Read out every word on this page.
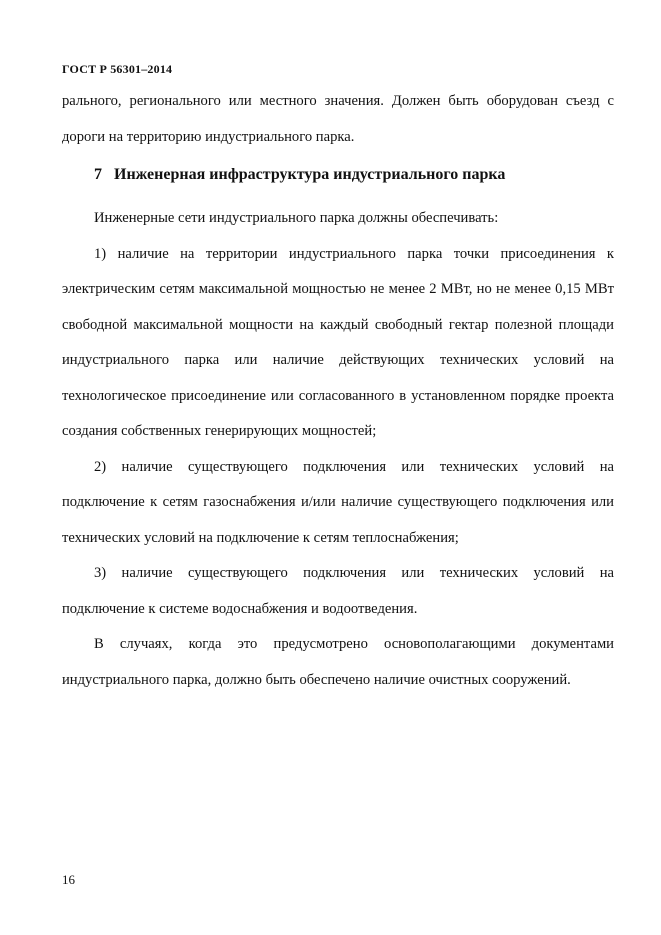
ГОСТ Р 56301–2014

рального, регионального или местного значения. Должен быть оборудован съезд с дороги на территорию индустриального парка.

7 Инженерная инфраструктура индустриального парка

Инженерные сети индустриального парка должны обеспечивать:

1) наличие на территории индустриального парка точки присоединения к электрическим сетям максимальной мощностью не менее 2 МВт, но не менее 0,15 МВт свободной максимальной мощности на каждый свободный гектар полезной площади индустриального парка или наличие действующих технических условий на технологическое присоединение или согласованного в установленном порядке проекта создания собственных генерирующих мощностей;

2) наличие существующего подключения или технических условий на подключение к сетям газоснабжения и/или наличие существующего подключения или технических условий на подключение к сетям теплоснабжения;

3) наличие существующего подключения или технических условий на подключение к системе водоснабжения и водоотведения.

В случаях, когда это предусмотрено основополагающими документами индустриального парка, должно быть обеспечено наличие очистных сооружений.

16
